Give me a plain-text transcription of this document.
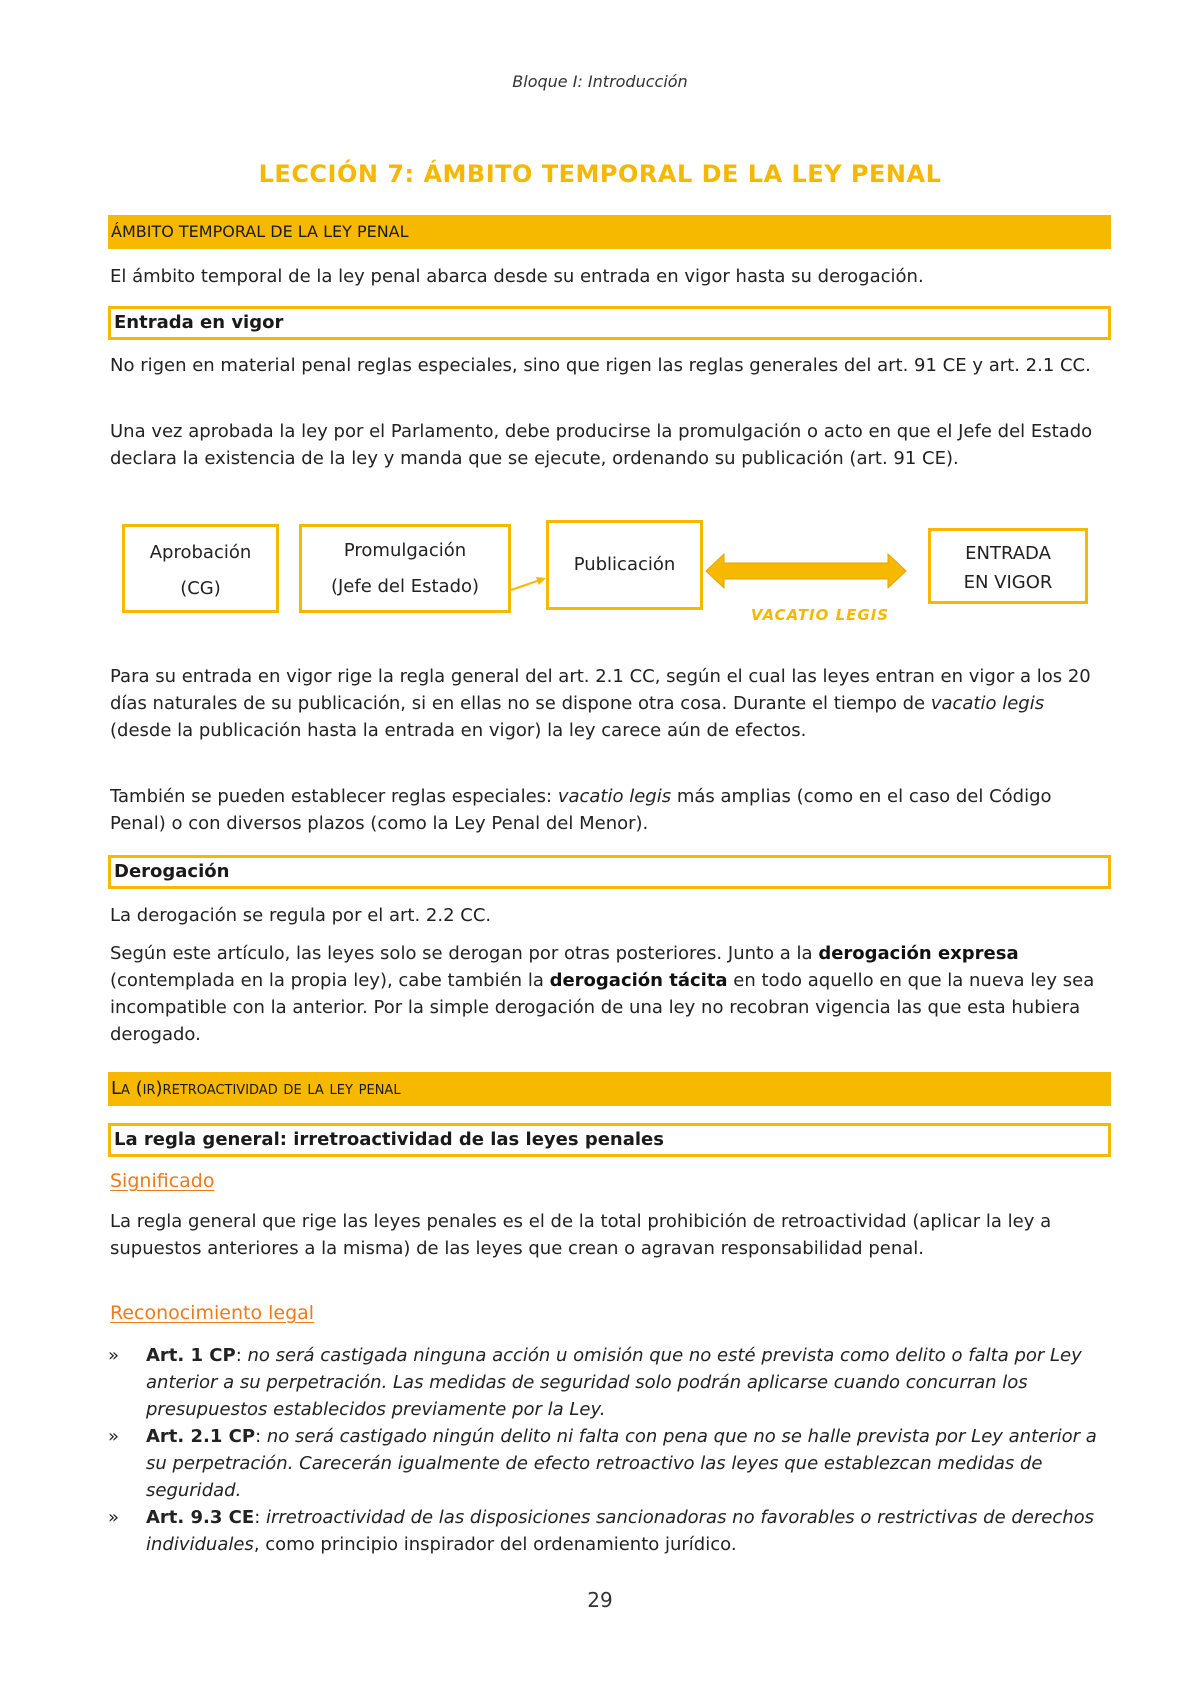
Bloque I: Introducción
LECCIÓN 7: ÁMBITO TEMPORAL DE LA LEY PENAL
ÁMBITO TEMPORAL DE LA LEY PENAL

El ámbito temporal de la ley penal abarca desde su entrada en vigor hasta su derogación.

Entrada en vigor

No rigen en material penal reglas especiales, sino que rigen las reglas generales del art. 91 CE y art. 2.1 CC.

Una vez aprobada la ley por el Parlamento, debe producirse la promulgación o acto en que el Jefe del Estado declara la existencia de la ley y manda que se ejecute, ordenando su publicación (art. 91 CE).

Aprobación
(CG)
Promulgación
(Jefe del Estado)
Publicación
ENTRADA
EN VIGOR
VACATIO LEGIS

Para su entrada en vigor rige la regla general del art. 2.1 CC, según el cual las leyes entran en vigor a los 20 días naturales de su publicación, si en ellas no se dispone otra cosa. Durante el tiempo de vacatio legis (desde la publicación hasta la entrada en vigor) la ley carece aún de efectos.

También se pueden establecer reglas especiales: vacatio legis más amplias (como en el caso del Código Penal) o con diversos plazos (como la Ley Penal del Menor).

Derogación

La derogación se regula por el art. 2.2 CC.

Según este artículo, las leyes solo se derogan por otras posteriores. Junto a la derogación expresa (contemplada en la propia ley), cabe también la derogación tácita en todo aquello en que la nueva ley sea incompatible con la anterior. Por la simple derogación de una ley no recobran vigencia las que esta hubiera derogado.

La (ir)retroactividad de la ley penal
La regla general: irretroactividad de las leyes penales
Significado

La regla general que rige las leyes penales es el de la total prohibición de retroactividad (aplicar la ley a supuestos anteriores a la misma) de las leyes que crean o agravan responsabilidad penal.

Reconocimiento legal
» Art. 1 CP: no será castigada ninguna acción u omisión que no esté prevista como delito o falta por Ley anterior a su perpetración. Las medidas de seguridad solo podrán aplicarse cuando concurran los presupuestos establecidos previamente por la Ley.
» Art. 2.1 CP: no será castigado ningún delito ni falta con pena que no se halle prevista por Ley anterior a su perpetración. Carecerán igualmente de efecto retroactivo las leyes que establezcan medidas de seguridad.
» Art. 9.3 CE: irretroactividad de las disposiciones sancionadoras no favorables o restrictivas de derechos individuales, como principio inspirador del ordenamiento jurídico.
29
